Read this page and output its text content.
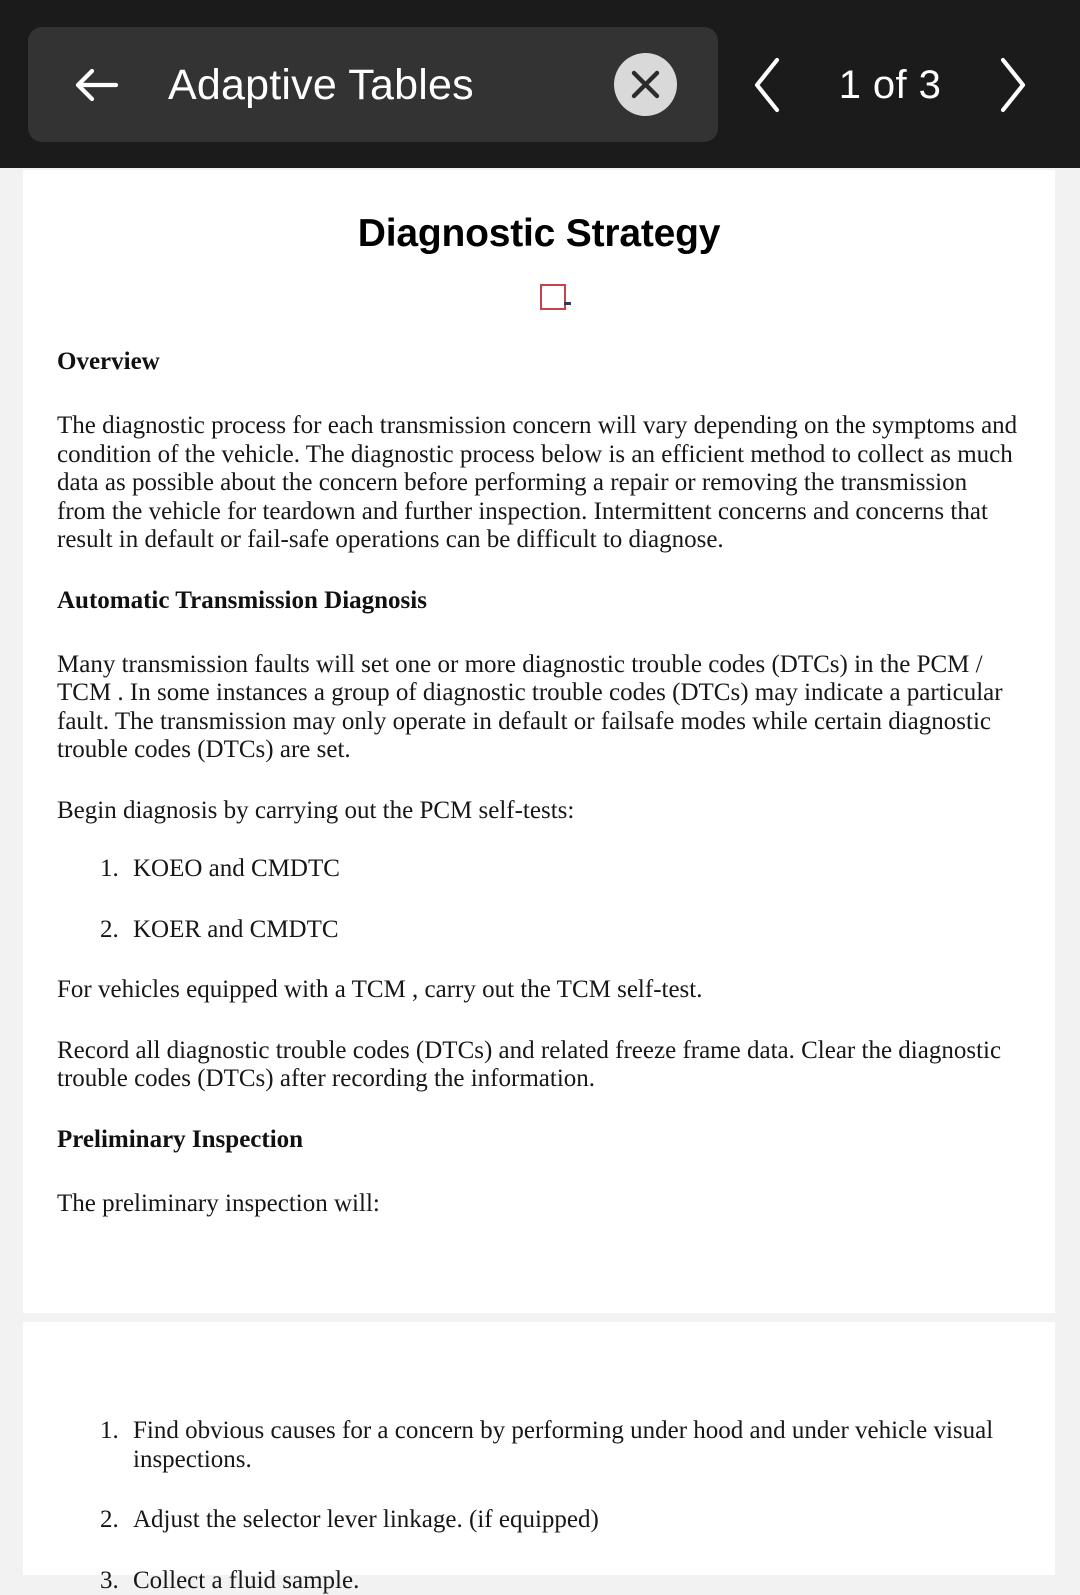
Adaptive Tables	1 of 3
Diagnostic Strategy
Overview

The diagnostic process for each transmission concern will vary depending on the symptoms and condition of the vehicle. The diagnostic process below is an efficient method to collect as much data as possible about the concern before performing a repair or removing the transmission from the vehicle for teardown and further inspection. Intermittent concerns and concerns that result in default or fail-safe operations can be difficult to diagnose.

Automatic Transmission Diagnosis

Many transmission faults will set one or more diagnostic trouble codes (DTCs) in the PCM / TCM . In some instances a group of diagnostic trouble codes (DTCs) may indicate a particular fault. The transmission may only operate in default or failsafe modes while certain diagnostic trouble codes (DTCs) are set.

Begin diagnosis by carrying out the PCM self-tests:

1. KOEO and CMDTC
2. KOER and CMDTC

For vehicles equipped with a TCM , carry out the TCM self-test.

Record all diagnostic trouble codes (DTCs) and related freeze frame data. Clear the diagnostic trouble codes (DTCs) after recording the information.

Preliminary Inspection

The preliminary inspection will:

1. Find obvious causes for a concern by performing under hood and under vehicle visual inspections.
2. Adjust the selector lever linkage. (if equipped)
3. Collect a fluid sample.
